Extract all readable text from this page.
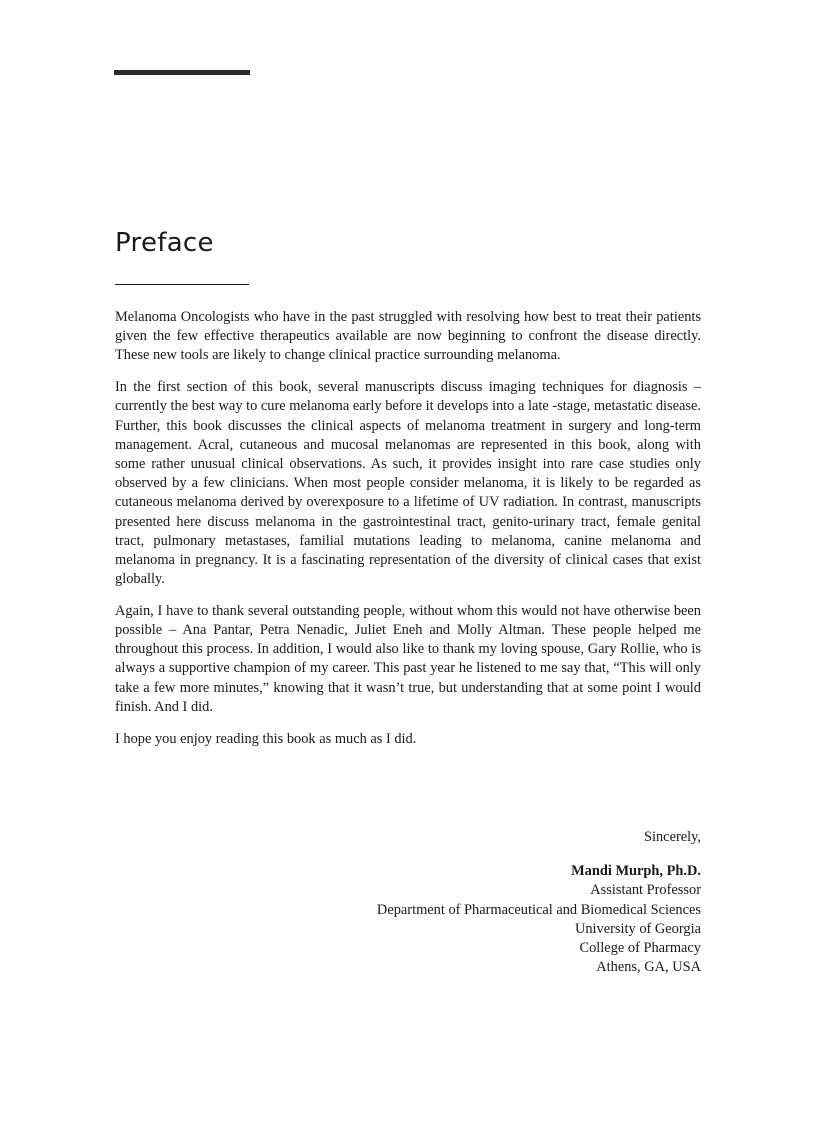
Preface

Melanoma Oncologists who have in the past struggled with resolving how best to treat their patients given the few effective therapeutics available are now beginning to confront the disease directly. These new tools are likely to change clinical practice surrounding melanoma.

In the first section of this book, several manuscripts discuss imaging techniques for diagnosis – currently the best way to cure melanoma early before it develops into a late -stage, metastatic disease. Further, this book discusses the clinical aspects of melanoma treatment in surgery and long-term management. Acral, cutaneous and mucosal melanomas are represented in this book, along with some rather unusual clinical observations. As such, it provides insight into rare case studies only observed by a few clinicians. When most people consider melanoma, it is likely to be regarded as cutaneous melanoma derived by overexposure to a lifetime of UV radiation. In contrast, manuscripts presented here discuss melanoma in the gastrointestinal tract, genito-urinary tract, female genital tract, pulmonary metastases, familial mutations leading to melanoma, canine melanoma and melanoma in pregnancy. It is a fascinating representation of the diversity of clinical cases that exist globally.

Again, I have to thank several outstanding people, without whom this would not have otherwise been possible – Ana Pantar, Petra Nenadic, Juliet Eneh and Molly Altman. These people helped me throughout this process. In addition, I would also like to thank my loving spouse, Gary Rollie, who is always a supportive champion of my career. This past year he listened to me say that, “This will only take a few more minutes,” knowing that it wasn’t true, but understanding that at some point I would finish. And I did.

I hope you enjoy reading this book as much as I did.

Sincerely,
Mandi Murph, Ph.D.
Assistant Professor
Department of Pharmaceutical and Biomedical Sciences
University of Georgia
College of Pharmacy
Athens, GA, USA
